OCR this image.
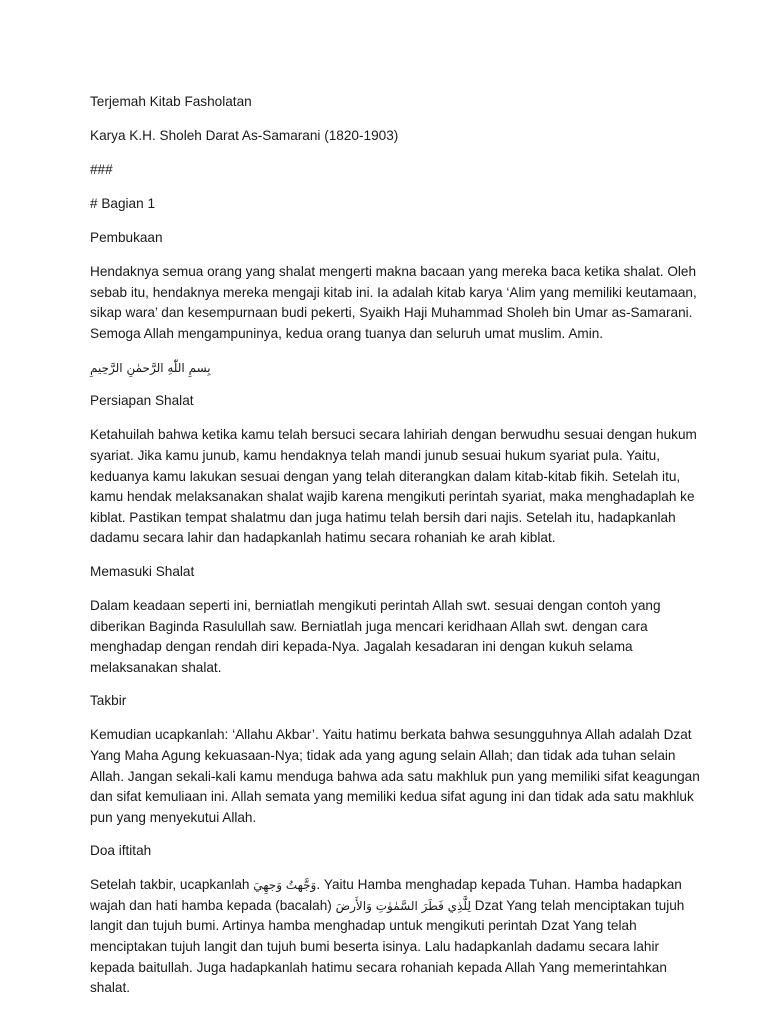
Terjemah Kitab Fasholatan

Karya K.H. Sholeh Darat As-Samarani (1820-1903)

###

# Bagian 1

Pembukaan

Hendaknya semua orang yang shalat mengerti makna bacaan yang mereka baca ketika shalat. Oleh sebab itu, hendaknya mereka mengaji kitab ini. Ia adalah kitab karya ‘Alim yang memiliki keutamaan, sikap wara’ dan kesempurnaan budi pekerti, Syaikh Haji Muhammad Sholeh bin Umar as-Samarani. Semoga Allah mengampuninya, kedua orang tuanya dan seluruh umat muslim. Amin.

بِسمِ اللّٰهِ الرَّحمٰنِ الرَّحِيمِ

Persiapan Shalat

Ketahuilah bahwa ketika kamu telah bersuci secara lahiriah dengan berwudhu sesuai dengan hukum syariat. Jika kamu junub, kamu hendaknya telah mandi junub sesuai hukum syariat pula. Yaitu, keduanya kamu lakukan sesuai dengan yang telah diterangkan dalam kitab-kitab fikih. Setelah itu, kamu hendak melaksanakan shalat wajib karena mengikuti perintah syariat, maka menghadaplah ke kiblat. Pastikan tempat shalatmu dan juga hatimu telah bersih dari najis. Setelah itu, hadapkanlah dadamu secara lahir dan hadapkanlah hatimu secara rohaniah ke arah kiblat.

Memasuki Shalat

Dalam keadaan seperti ini, berniatlah mengikuti perintah Allah swt. sesuai dengan contoh yang diberikan Baginda Rasulullah saw. Berniatlah juga mencari keridhaan Allah swt. dengan cara menghadap dengan rendah diri kepada-Nya. Jagalah kesadaran ini dengan kukuh selama melaksanakan shalat.

Takbir

Kemudian ucapkanlah: ‘Allahu Akbar’. Yaitu hatimu berkata bahwa sesungguhnya Allah adalah Dzat Yang Maha Agung kekuasaan-Nya; tidak ada yang agung selain Allah; dan tidak ada tuhan selain Allah. Jangan sekali-kali kamu menduga bahwa ada satu makhluk pun yang memiliki sifat keagungan dan sifat kemuliaan ini. Allah semata yang memiliki kedua sifat agung ini dan tidak ada satu makhluk pun yang menyekutui Allah.

Doa iftitah

Setelah takbir, ucapkanlah وَجَّهتُ وَجهِيَ. Yaitu Hamba menghadap kepada Tuhan. Hamba hadapkan wajah dan hati hamba kepada (bacalah) لِلَّذِي فَطَرَ السَّمٰوٰتِ وَالأَرضَ Dzat Yang telah menciptakan tujuh langit dan tujuh bumi. Artinya hamba menghadap untuk mengikuti perintah Dzat Yang telah menciptakan tujuh langit dan tujuh bumi beserta isinya. Lalu hadapkanlah dadamu secara lahir kepada baitullah. Juga hadapkanlah hatimu secara rohaniah kepada Allah Yang memerintahkan shalat.
